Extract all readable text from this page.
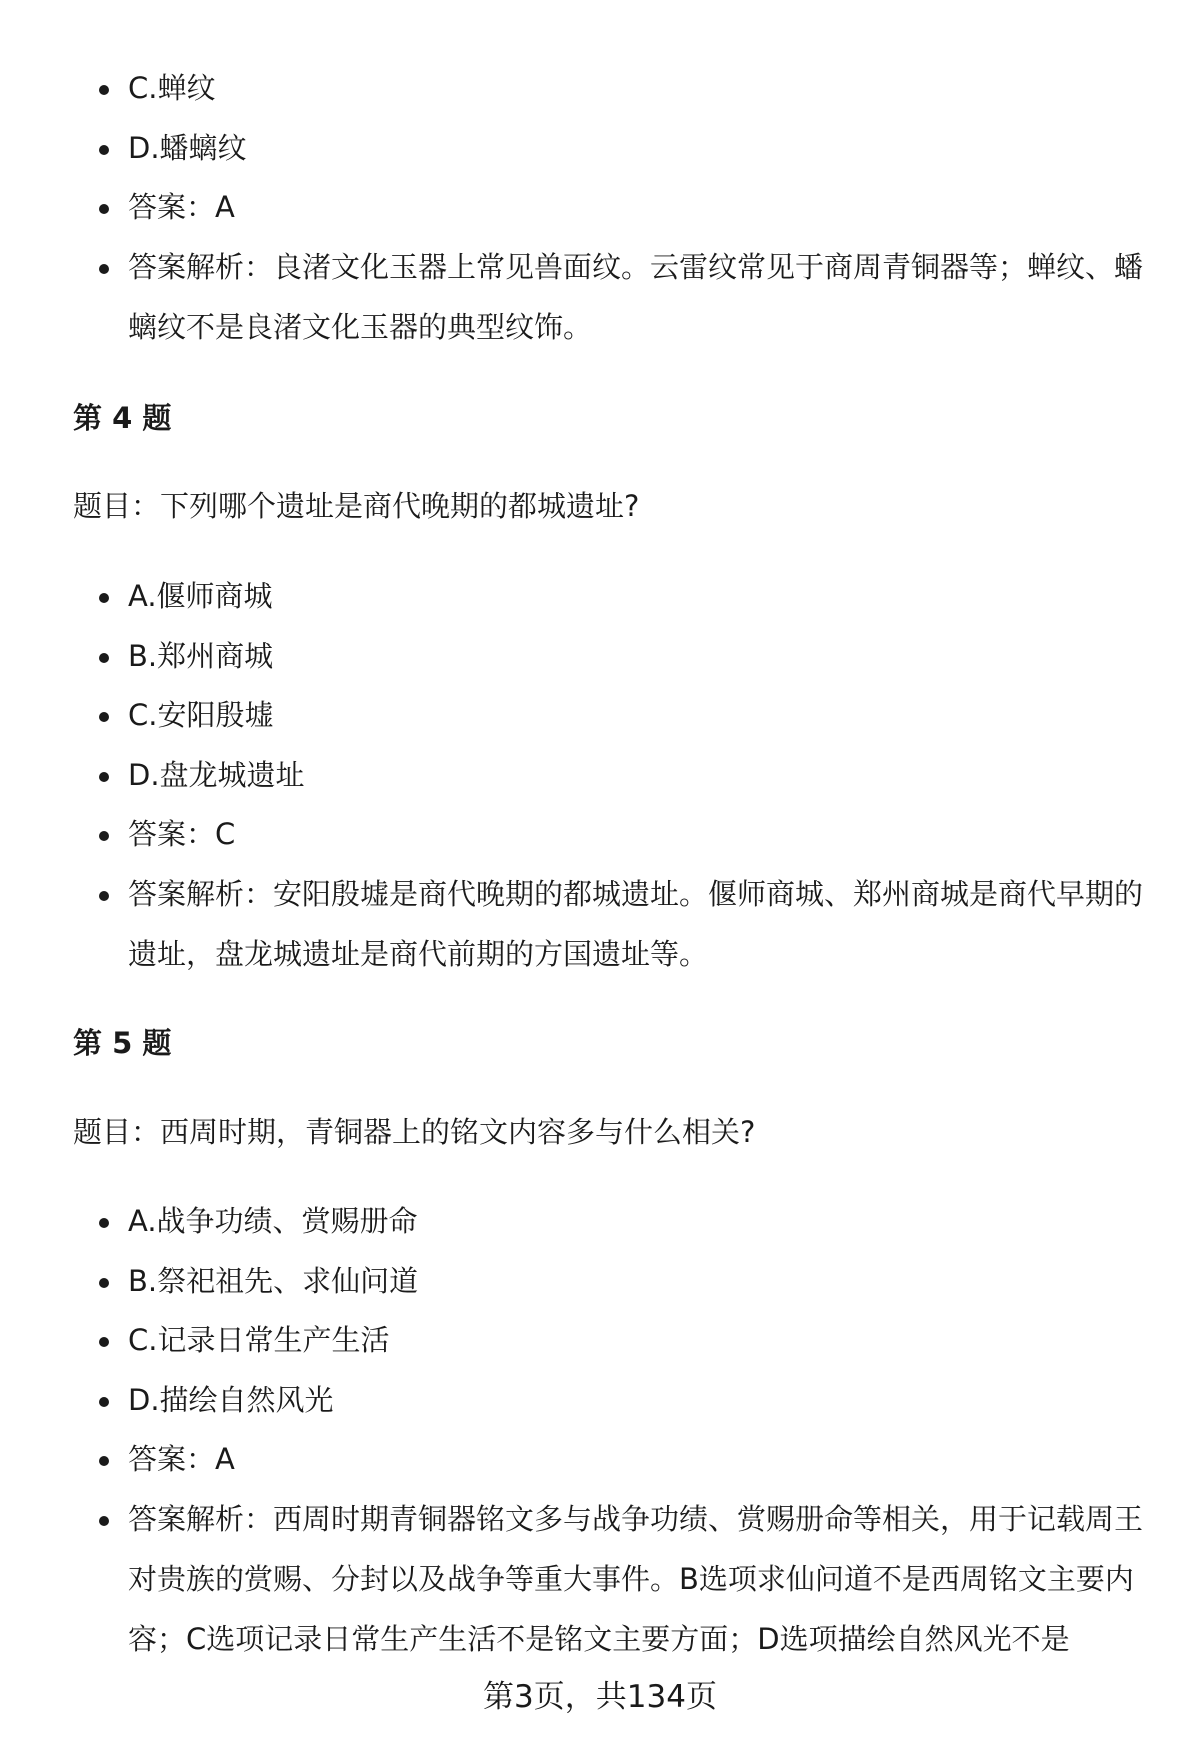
C.蝉纹
D.蟠螭纹
答案：A
答案解析：良渚文化玉器上常见兽面纹。云雷纹常见于商周青铜器等；蝉纹、蟠螭纹不是良渚文化玉器的典型纹饰。
第 4 题

题目：下列哪个遗址是商代晚期的都城遗址?

A.偃师商城
B.郑州商城
C.安阳殷墟
D.盘龙城遗址
答案：C
答案解析：安阳殷墟是商代晚期的都城遗址。偃师商城、郑州商城是商代早期的遗址，盘龙城遗址是商代前期的方国遗址等。
第 5 题

题目：西周时期，青铜器上的铭文内容多与什么相关?

A.战争功绩、赏赐册命
B.祭祀祖先、求仙问道
C.记录日常生产生活
D.描绘自然风光
答案：A
答案解析：西周时期青铜器铭文多与战争功绩、赏赐册命等相关，用于记载周王对贵族的赏赐、分封以及战争等重大事件。B选项求仙问道不是西周铭文主要内容；C选项记录日常生产生活不是铭文主要方面；D选项描绘自然风光不是
第3页，共134页
